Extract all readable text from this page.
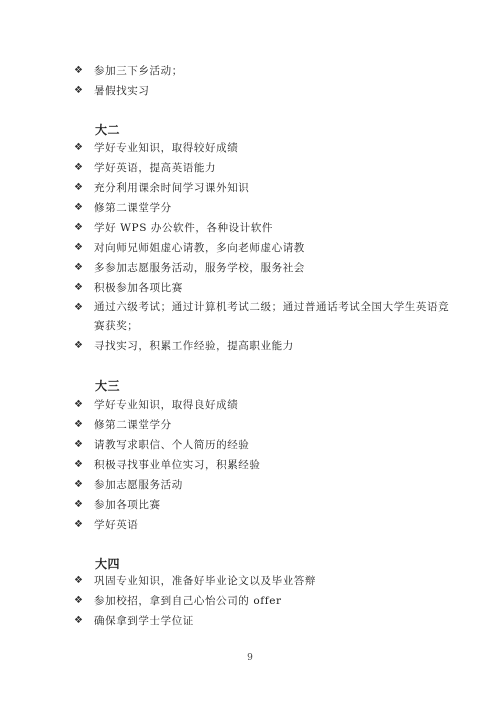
❖	参加三下乡活动；
❖	暑假找实习
大二
❖	学好专业知识，取得较好成绩
❖	学好英语，提高英语能力
❖	充分利用课余时间学习课外知识
❖	修第二课堂学分
❖	学好 WPS 办公软件，各种设计软件
❖	对向师兄师姐虚心请教，多向老师虚心请教
❖	多参加志愿服务活动，服务学校，服务社会
❖	积极参加各项比赛
❖	通过六级考试；通过计算机考试二级；通过普通话考试全国大学生英语竞赛获奖；
❖	寻找实习，积累工作经验，提高职业能力
大三
❖	学好专业知识，取得良好成绩
❖	修第二课堂学分
❖	请教写求职信、个人简历的经验
❖	积极寻找事业单位实习，积累经验
❖	参加志愿服务活动
❖	参加各项比赛
❖	学好英语
大四
❖	巩固专业知识，准备好毕业论文以及毕业答辩
❖	参加校招，拿到自己心怡公司的 offer
❖	确保拿到学士学位证
9
